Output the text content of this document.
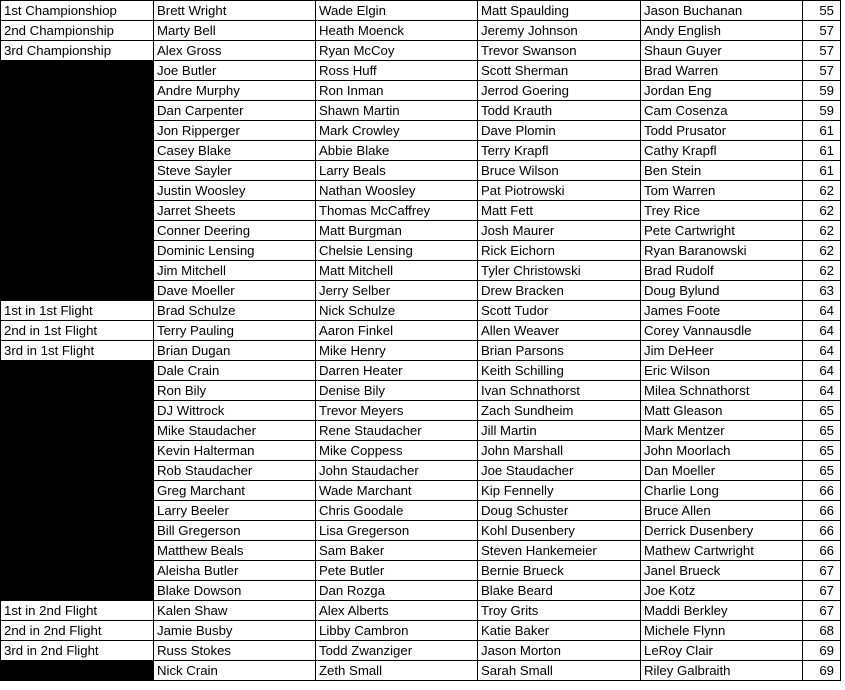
1st Championshiop	Brett Wright	Wade Elgin	Matt Spaulding	Jason Buchanan	55
2nd Championship	Marty Bell	Heath Moenck	Jeremy Johnson	Andy English	57
3rd Championship	Alex Gross	Ryan McCoy	Trevor Swanson	Shaun Guyer	57
	Joe Butler	Ross Huff	Scott Sherman	Brad Warren	57
	Andre Murphy	Ron Inman	Jerrod Goering	Jordan Eng	59
	Dan Carpenter	Shawn Martin	Todd Krauth	Cam Cosenza	59
	Jon Ripperger	Mark Crowley	Dave Plomin	Todd Prusator	61
	Casey Blake	Abbie Blake	Terry Krapfl	Cathy Krapfl	61
	Steve Sayler	Larry Beals	Bruce Wilson	Ben Stein	61
	Justin Woosley	Nathan Woosley	Pat Piotrowski	Tom Warren	62
	Jarret Sheets	Thomas McCaffrey	Matt Fett	Trey Rice	62
	Conner Deering	Matt Burgman	Josh Maurer	Pete Cartwright	62
	Dominic Lensing	Chelsie Lensing	Rick Eichorn	Ryan Baranowski	62
	Jim Mitchell	Matt Mitchell	Tyler Christowski	Brad Rudolf	62
	Dave Moeller	Jerry Selber	Drew Bracken	Doug Bylund	63
1st in 1st Flight	Brad Schulze	Nick Schulze	Scott Tudor	James Foote	64
2nd in 1st Flight	Terry Pauling	Aaron Finkel	Allen Weaver	Corey Vannausdle	64
3rd in 1st Flight	Brian Dugan	Mike Henry	Brian Parsons	Jim DeHeer	64
	Dale Crain	Darren Heater	Keith Schilling	Eric Wilson	64
	Ron Bily	Denise Bily	Ivan Schnathorst	Milea Schnathorst	64
	DJ Wittrock	Trevor Meyers	Zach Sundheim	Matt Gleason	65
	Mike Staudacher	Rene Staudacher	Jill Martin	Mark Mentzer	65
	Kevin Halterman	Mike Coppess	John Marshall	John Moorlach	65
	Rob Staudacher	John Staudacher	Joe Staudacher	Dan Moeller	65
	Greg Marchant	Wade Marchant	Kip Fennelly	Charlie Long	66
	Larry Beeler	Chris Goodale	Doug Schuster	Bruce Allen	66
	Bill Gregerson	Lisa Gregerson	Kohl Dusenbery	Derrick Dusenbery	66
	Matthew Beals	Sam Baker	Steven Hankemeier	Mathew Cartwright	66
	Aleisha Butler	Pete Butler	Bernie Brueck	Janel Brueck	67
	Blake Dowson	Dan Rozga	Blake Beard	Joe Kotz	67
1st in 2nd Flight	Kalen Shaw	Alex Alberts	Troy Grits	Maddi Berkley	67
2nd in 2nd Flight	Jamie Busby	Libby Cambron	Katie Baker	Michele Flynn	68
3rd in 2nd Flight	Russ Stokes	Todd Zwanziger	Jason Morton	LeRoy Clair	69
	Nick Crain	Zeth Small	Sarah Small	Riley Galbraith	69
